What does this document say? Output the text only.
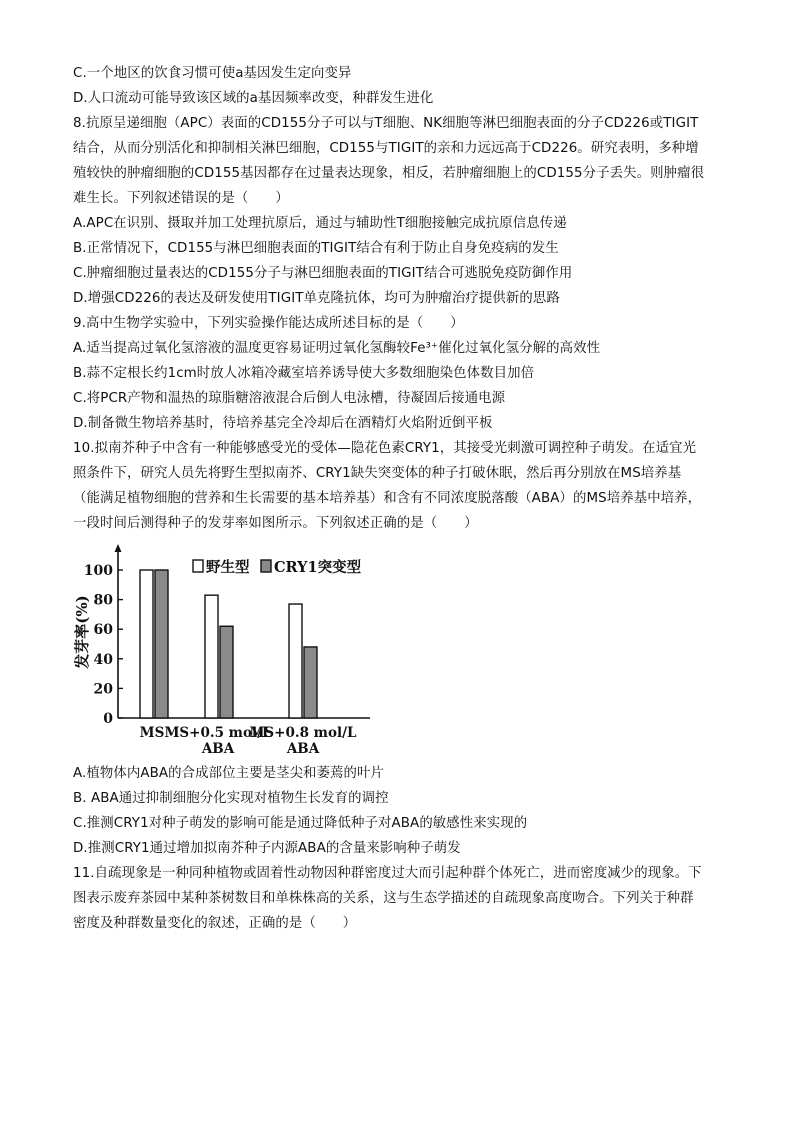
C.一个地区的饮食习惯可使a基因发生定向变异
D.人口流动可能导致该区域的a基因频率改变，种群发生进化
8.抗原呈递细胞（APC）表面的CD155分子可以与T细胞、NK细胞等淋巴细胞表面的分子CD226或TIGIT
结合，从而分别活化和抑制相关淋巴细胞，CD155与TIGIT的亲和力远远高于CD226。研究表明，多种增
殖较快的肿瘤细胞的CD155基因都存在过量表达现象，相反，若肿瘤细胞上的CD155分子丢失。则肿瘤很
难生长。下列叙述错误的是（　　）
A.APC在识别、摄取并加工处理抗原后，通过与辅助性T细胞接触完成抗原信息传递
B.正常情况下，CD155与淋巴细胞表面的TIGIT结合有利于防止自身免疫病的发生
C.肿瘤细胞过量表达的CD155分子与淋巴细胞表面的TIGIT结合可逃脱免疫防御作用
D.增强CD226的表达及研发使用TIGIT单克隆抗体，均可为肿瘤治疗提供新的思路
9.高中生物学实验中，下列实验操作能达成所述目标的是（　　）
A.适当提高过氧化氢溶液的温度更容易证明过氧化氢酶较Fe³⁺催化过氧化氢分解的高效性
B.蒜不定根长约1cm时放人冰箱冷藏室培养诱导使大多数细胞染色体数目加倍
C.将PCR产物和温热的琼脂糖溶液混合后倒人电泳槽，待凝固后接通电源
D.制备微生物培养基时，待培养基完全冷却后在酒精灯火焰附近倒平板
10.拟南芥种子中含有一种能够感受光的受体—隐花色素CRY1，其接受光刺激可调控种子萌发。在适宜光
照条件下，研究人员先将野生型拟南芥、CRY1缺失突变体的种子打破休眠，然后再分别放在MS培养基
（能满足植物细胞的营养和生长需要的基本培养基）和含有不同浓度脱落酸（ABA）的MS培养基中培养，
一段时间后测得种子的发芽率如图所示。下列叙述正确的是（　　）
0
20
40
60
80
100
MS MS+0.5 mol/L
ABA
MS+0.8 mol/L
ABA
发芽率(%)
野生型 CRY1突变型
A.植物体内ABA的合成部位主要是茎尖和萎蔫的叶片
B. ABA通过抑制细胞分化实现对植物生长发育的调控
C.推测CRY1对种子萌发的影响可能是通过降低种子对ABA的敏感性来实现的
D.推测CRY1通过增加拟南芥种子内源ABA的含量来影响种子萌发
11.自疏现象是一种同种植物或固着性动物因种群密度过大而引起种群个体死亡，进而密度减少的现象。下
图表示废弃茶园中某种茶树数目和单株株高的关系，这与生态学描述的自疏现象高度吻合。下列关于种群
密度及种群数量变化的叙述，正确的是（　　）
